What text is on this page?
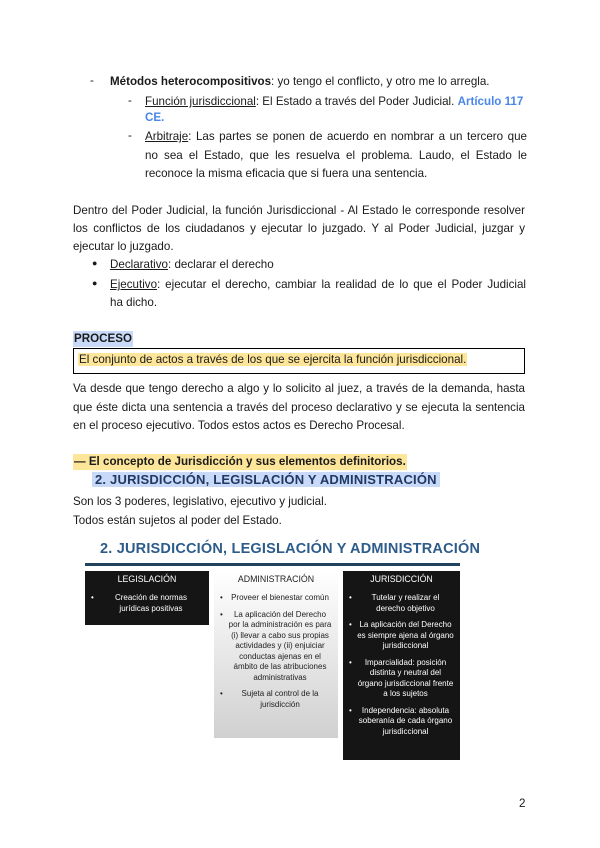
- Métodos heterocompositivos: yo tengo el conflicto, y otro me lo arregla.
- Función jurisdiccional: El Estado a través del Poder Judicial. Artículo 117
CE.
- Arbitraje: Las partes se ponen de acuerdo en nombrar a un tercero que
no sea el Estado, que les resuelva el problema. Laudo, el Estado le
reconoce la misma eficacia que si fuera una sentencia.
Dentro del Poder Judicial, la función Jurisdiccional - Al Estado le corresponde resolver
los conflictos de los ciudadanos y ejecutar lo juzgado. Y al Poder Judicial, juzgar y
ejecutar lo juzgado.
● Declarativo: declarar el derecho
● Ejecutivo: ejecutar el derecho, cambiar la realidad de lo que el Poder Judicial
ha dicho.
PROCESO
El conjunto de actos a través de los que se ejercita la función jurisdiccional.
Va desde que tengo derecho a algo y lo solicito al juez, a través de la demanda, hasta
que éste dicta una sentencia a través del proceso declarativo y se ejecuta la sentencia
en el proceso ejecutivo. Todos estos actos es Derecho Procesal.
— El concepto de Jurisdicción y sus elementos definitorios.
2. JURISDICCIÓN, LEGISLACIÓN Y ADMINISTRACIÓN
Son los 3 poderes, legislativo, ejecutivo y judicial.
Todos están sujetos al poder del Estado.
2. JURISDICCIÓN, LEGISLACIÓN Y ADMINISTRACIÓN
LEGISLACIÓN
• Creación de normas jurídicas positivas
ADMINISTRACIÓN
• Proveer el bienestar común
• La aplicación del Derecho por la administración es para (i) llevar a cabo sus propias actividades y (ii) enjuiciar conductas ajenas en el ámbito de las atribuciones administrativas
• Sujeta al control de la jurisdicción
JURISDICCIÓN
• Tutelar y realizar el derecho objetivo
• La aplicación del Derecho es siempre ajena al órgano jurisdiccional
• Imparcialidad: posición distinta y neutral del órgano jurisdiccional frente a los sujetos
• Independencia: absoluta soberanía de cada órgano jurisdiccional
2
